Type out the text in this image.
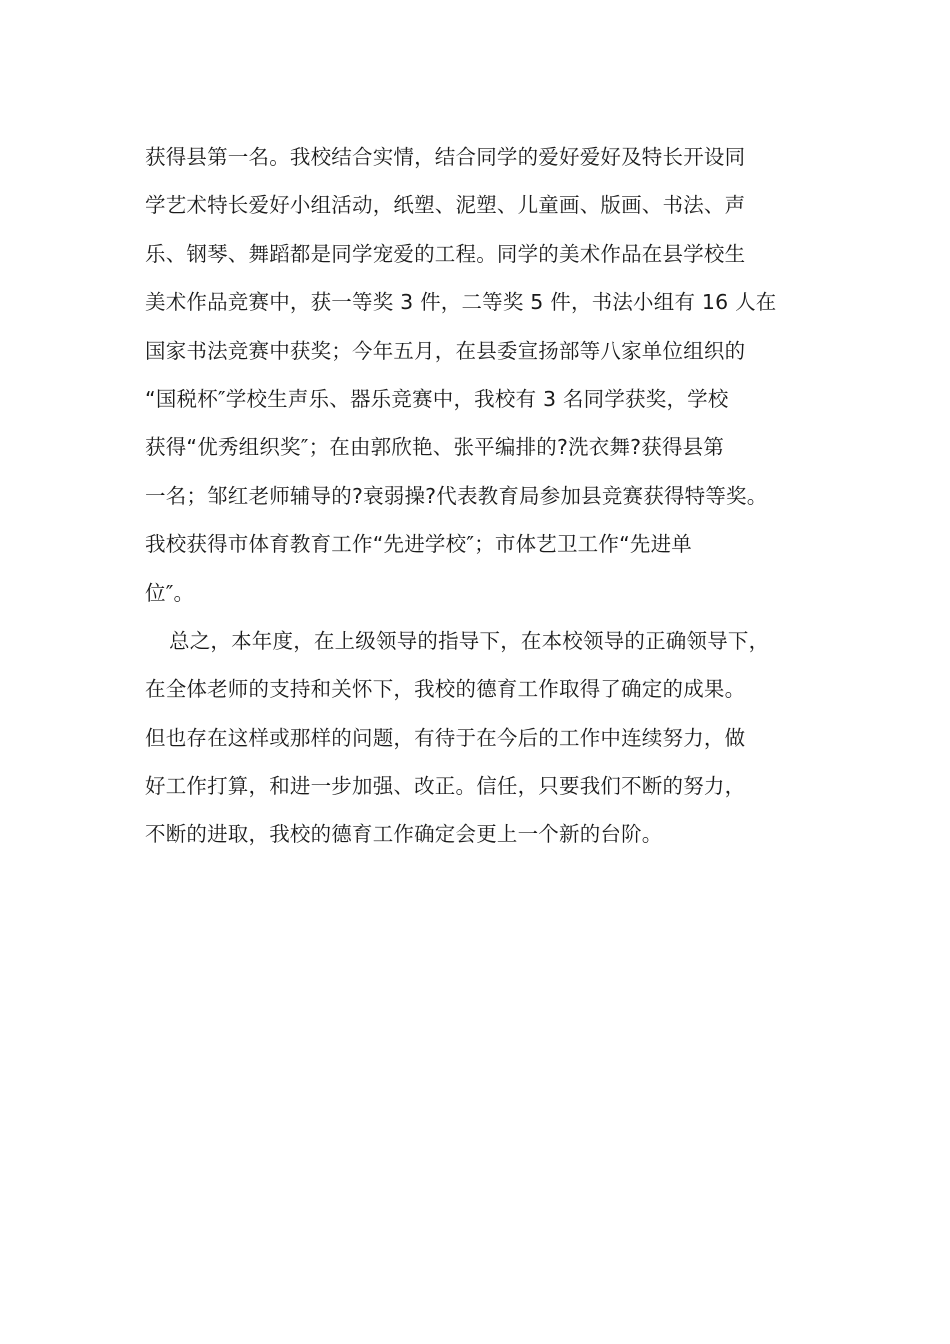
获得县第一名。我校结合实情，结合同学的爱好爱好及特长开设同
学艺术特长爱好小组活动，纸塑、泥塑、儿童画、版画、书法、声
乐、钢琴、舞蹈都是同学宠爱的工程。同学的美术作品在县学校生
美术作品竞赛中，获一等奖 3 件，二等奖 5 件，书法小组有 16 人在
国家书法竞赛中获奖；今年五月，在县委宣扬部等八家单位组织的
“国税杯″学校生声乐、器乐竞赛中，我校有 3 名同学获奖，学校
获得“优秀组织奖″；在由郭欣艳、张平编排的?洗衣舞?获得县第
一名；邹红老师辅导的?衰弱操?代表教育局参加县竞赛获得特等奖。
我校获得市体育教育工作“先进学校″；市体艺卫工作“先进单
位″。
总之，本年度，在上级领导的指导下，在本校领导的正确领导下，
在全体老师的支持和关怀下，我校的德育工作取得了确定的成果。
但也存在这样或那样的问题，有待于在今后的工作中连续努力，做
好工作打算，和进一步加强、改正。信任，只要我们不断的努力，
不断的进取，我校的德育工作确定会更上一个新的台阶。
